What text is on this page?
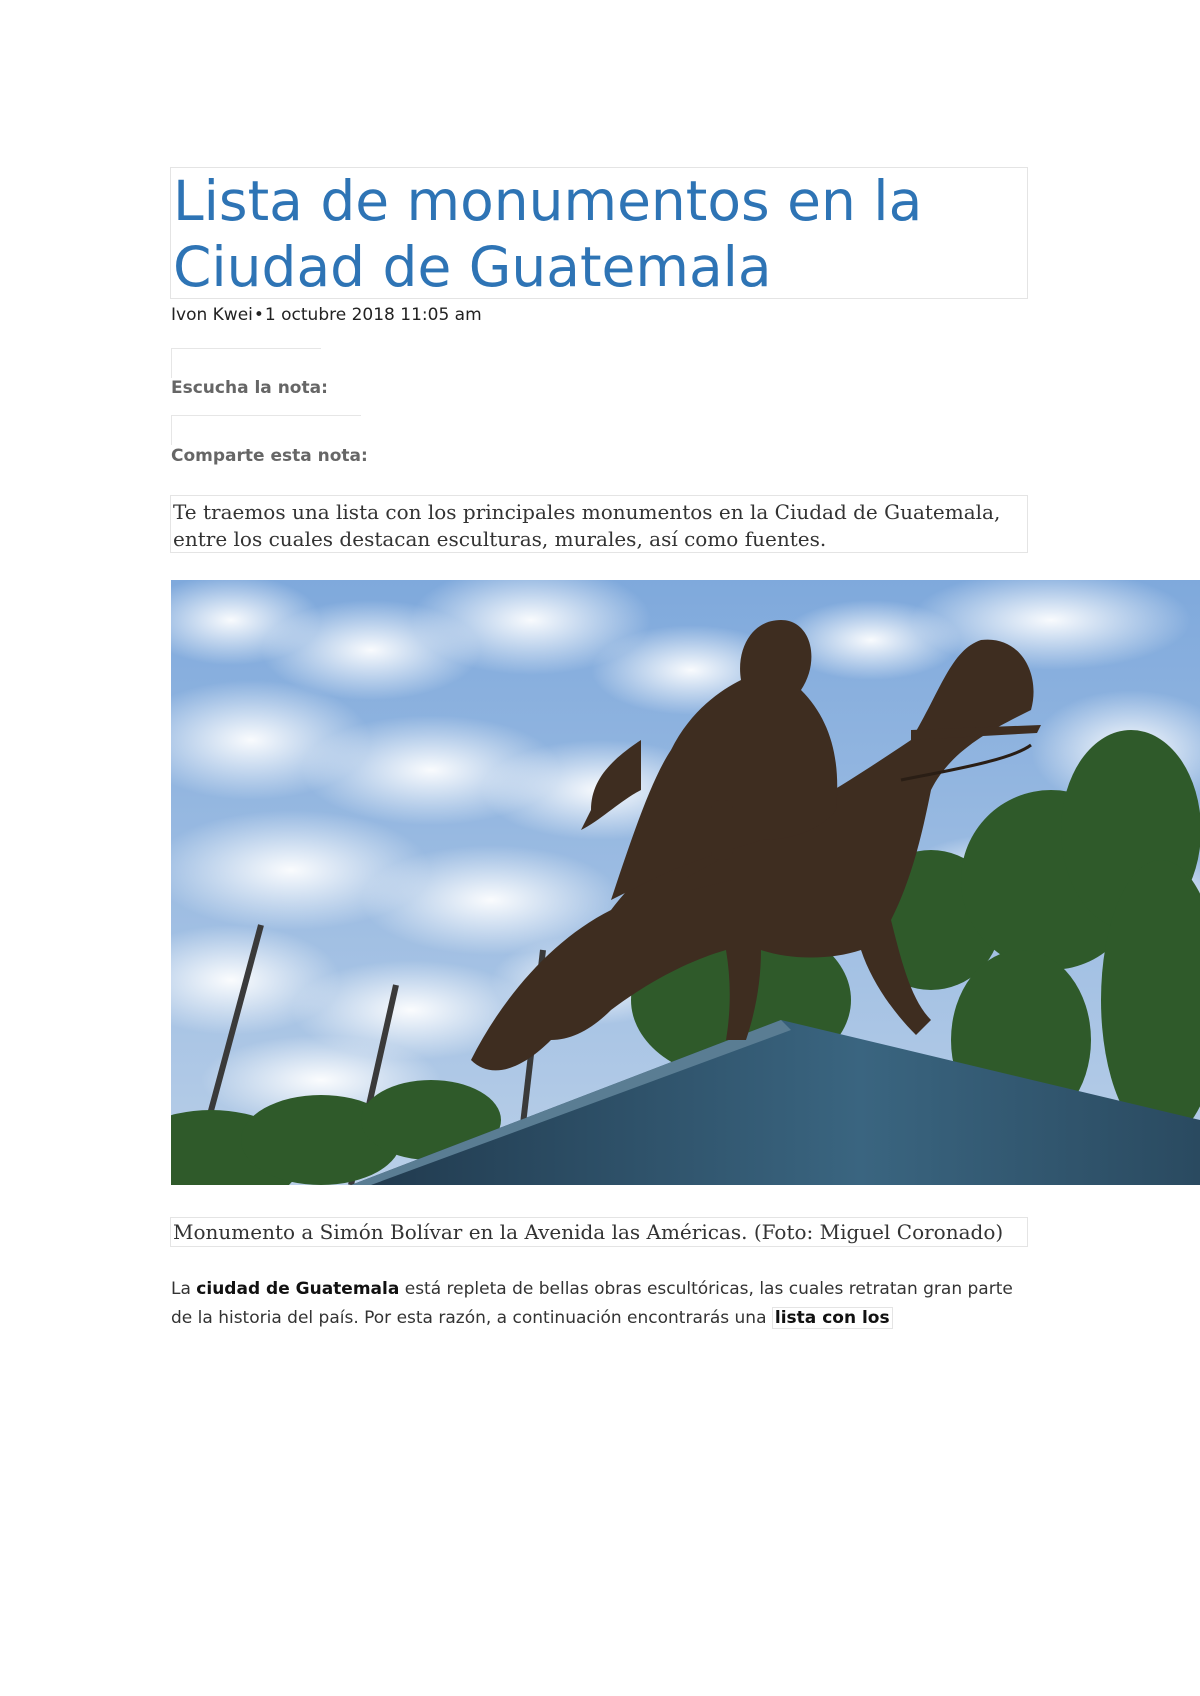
Lista de monumentos en la
Ciudad de Guatemala
Ivon Kwei•1 octubre 2018 11:05 am
Escucha la nota:
Comparte esta nota:

Te traemos una lista con los principales monumentos en la Ciudad de Guatemala, entre los cuales destacan esculturas, murales, así como fuentes.

Monumento a Simón Bolívar en la Avenida las Américas. (Foto: Miguel Coronado)

La ciudad de Guatemala está repleta de bellas obras escultóricas, las cuales retratan gran parte de la historia del país. Por esta razón, a continuación encontrarás una lista con los
